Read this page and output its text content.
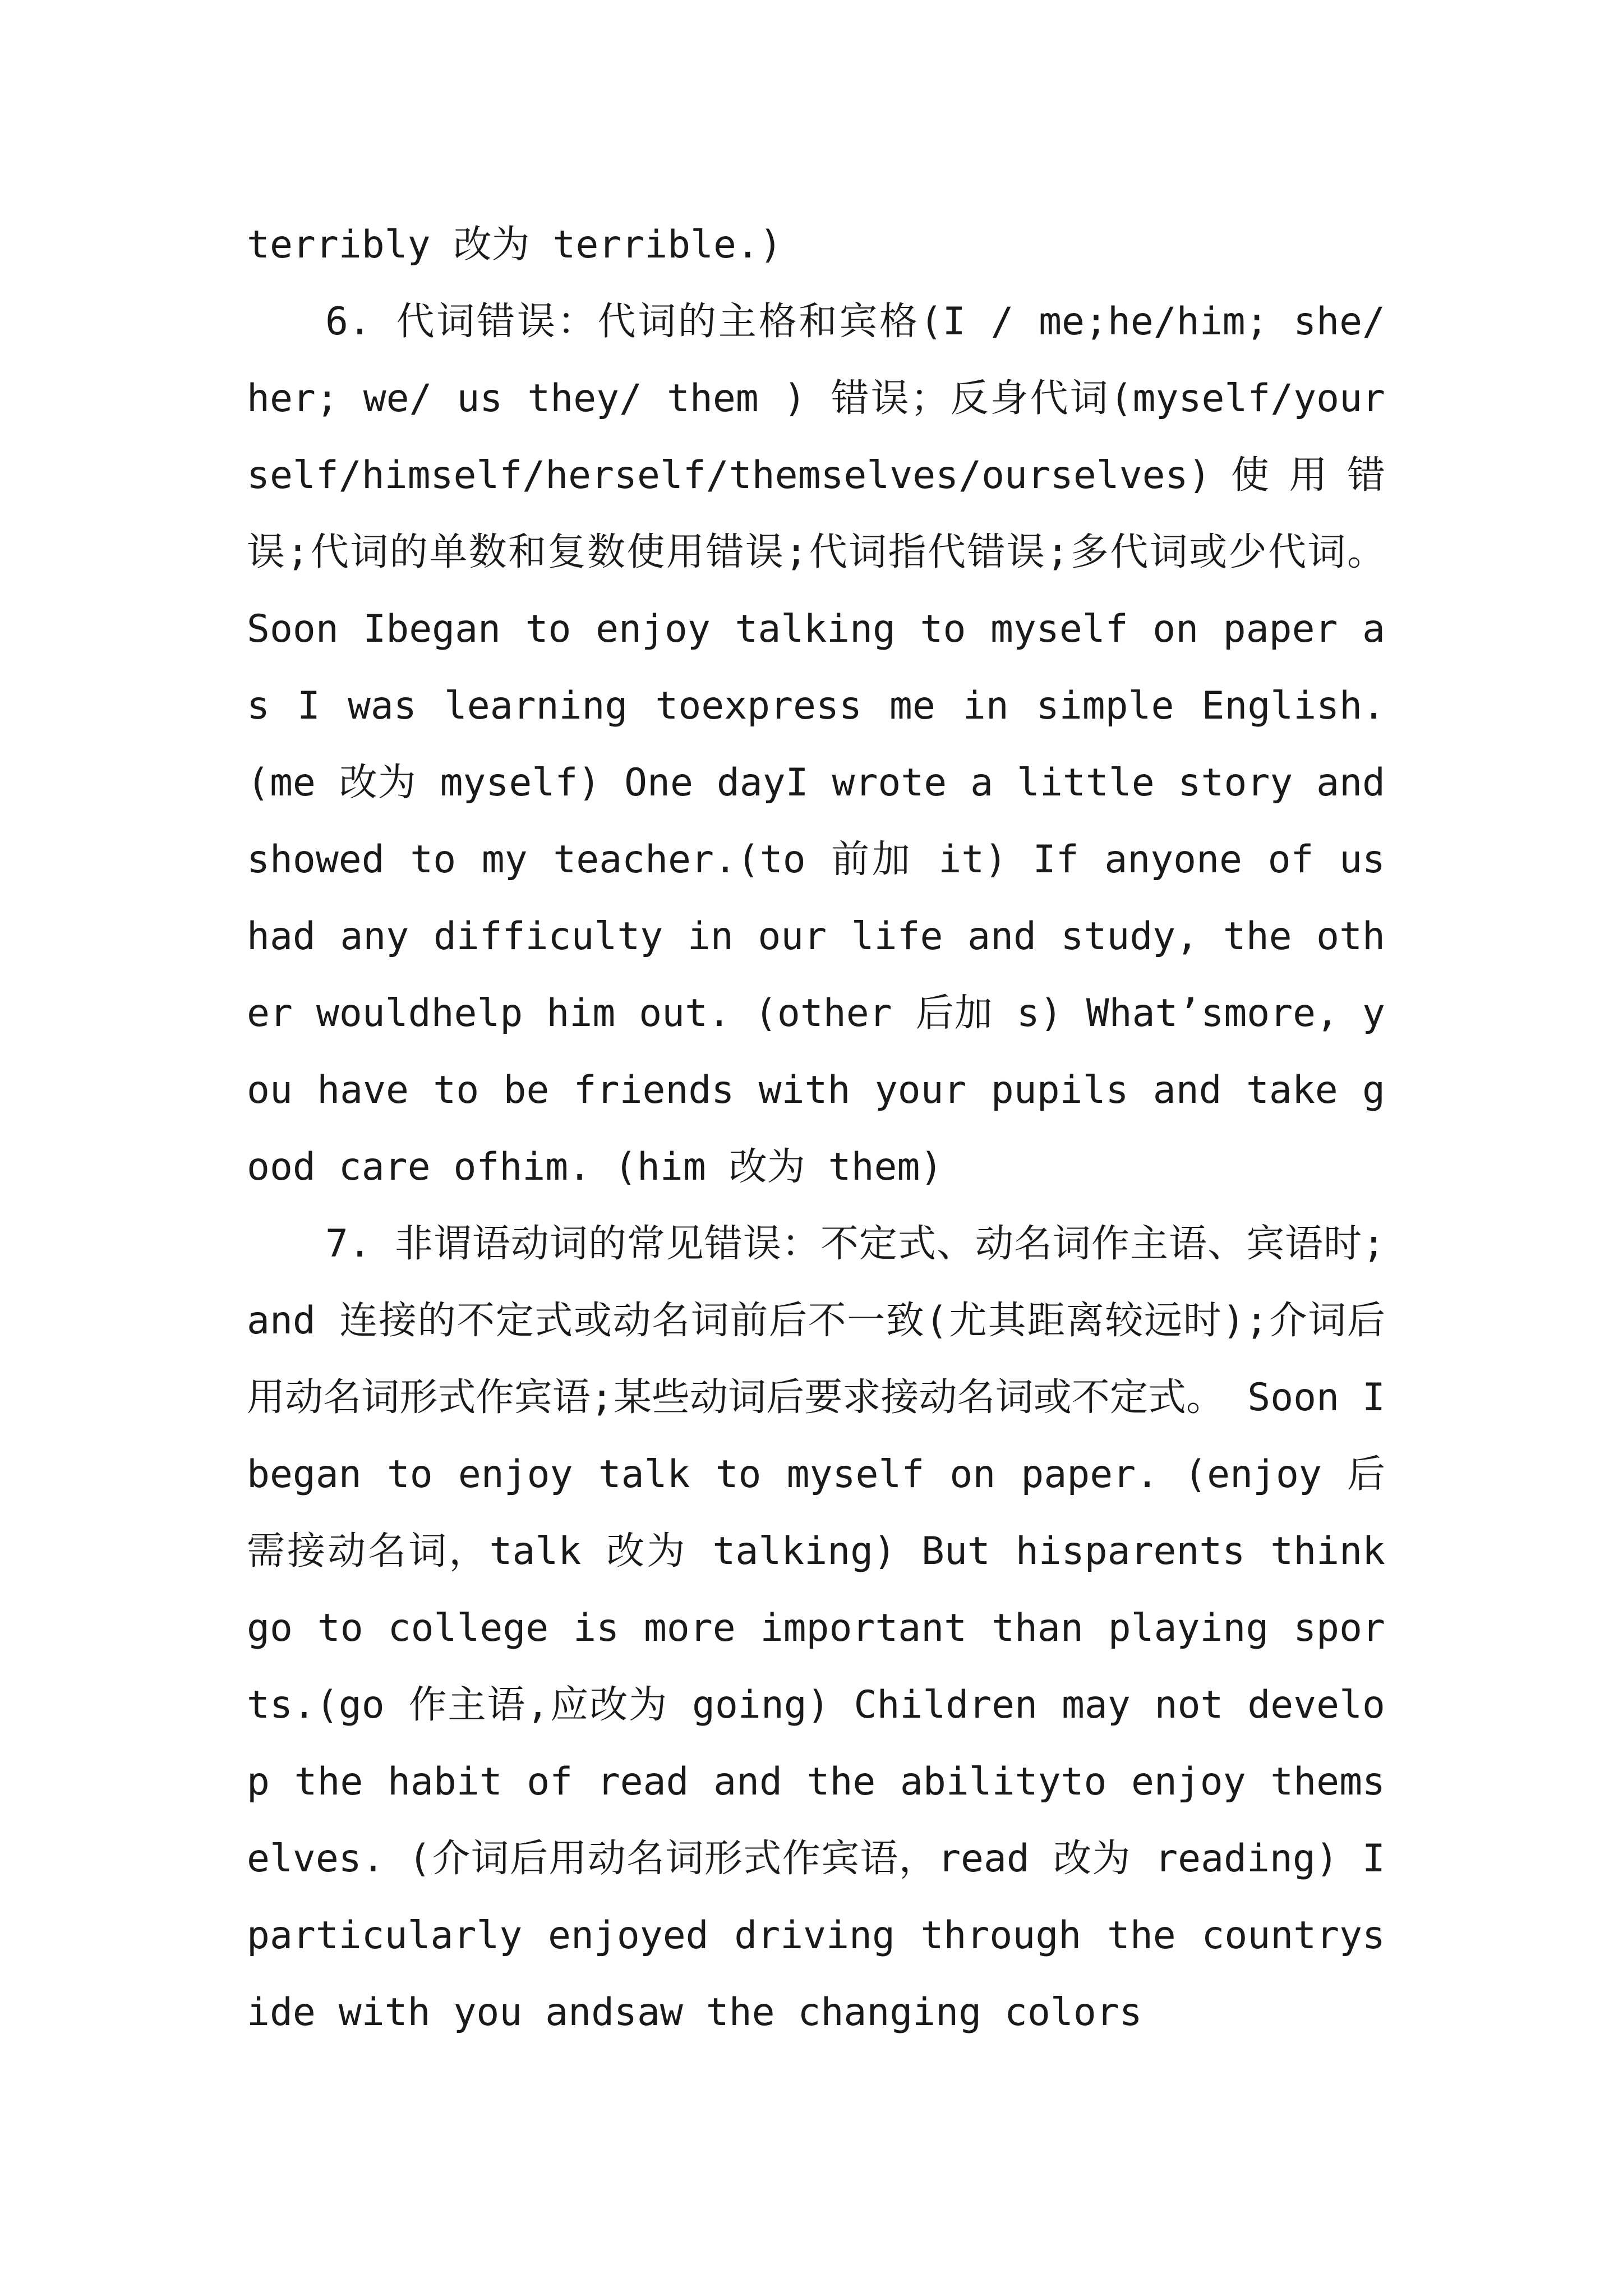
terribly 改为 terrible.)

6. 代词错误：代词的主格和宾格(I / me;he/him; she/ her; we/ us they/ them ) 错误；反身代词(myself/yourself/himself/herself/themselves/ourselves)使用错误;代词的单数和复数使用错误;代词指代错误;多代词或少代词。 Soon Ibegan to enjoy talking to myself on paper as I was learning toexpress me in simple English. (me 改为 myself) One dayI wrote a little story and showed to my teacher.(to 前加 it) If anyone of us had any difficulty in our life and study, the other wouldhelp him out. (other 后加 s) What’smore, you have to be friends with your pupils and take good care ofhim. (him 改为 them)

7. 非谓语动词的常见错误：不定式、动名词作主语、宾语时;and 连接的不定式或动名词前后不一致(尤其距离较远时);介词后用动名词形式作宾语;某些动词后要求接动名词或不定式。 Soon Ibegan to enjoy talk to myself on paper. (enjoy 后需接动名词，talk 改为 talking) But hisparents think go to college is more important than playing sports.(go 作主语,应改为 going) Children may not develop the habit of read and the abilityto enjoy themselves. (介词后用动名词形式作宾语，read 改为 reading) Iparticularly enjoyed driving through the countryside with you andsaw the changing colors
